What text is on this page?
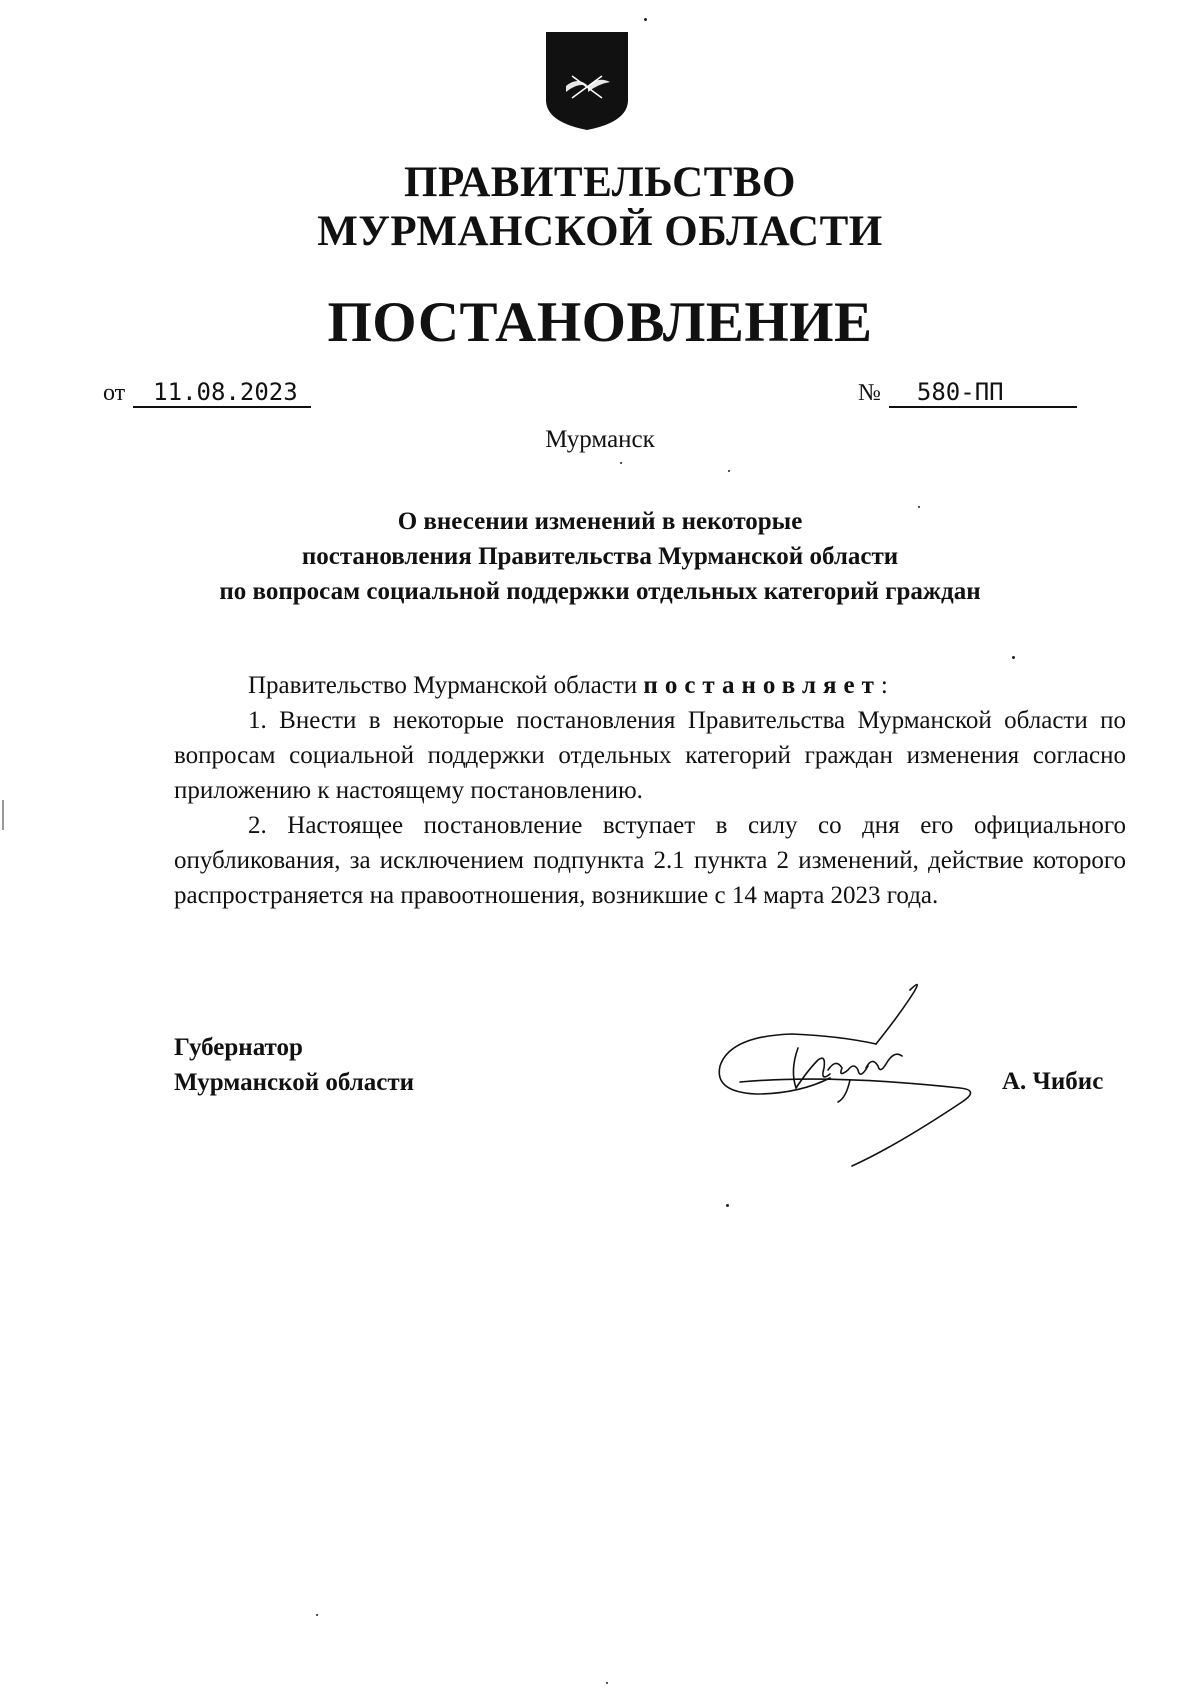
ПРАВИТЕЛЬСТВО
МУРМАНСКОЙ ОБЛАСТИ
ПОСТАНОВЛЕНИЕ
от 11.08.2023	№ 580-ПП
Мурманск
О внесении изменений в некоторые
постановления Правительства Мурманской области
по вопросам социальной поддержки отдельных категорий граждан

Правительство Мурманской области постановляет:

1. Внести в некоторые постановления Правительства Мурманской области по вопросам социальной поддержки отдельных категорий граждан изменения согласно приложению к настоящему постановлению.

2. Настоящее постановление вступает в силу со дня его официального опубликования, за исключением подпункта 2.1 пункта 2 изменений, действие которого распространяется на правоотношения, возникшие с 14 марта 2023 года.

Губернатор
Мурманской области	А. Чибис
